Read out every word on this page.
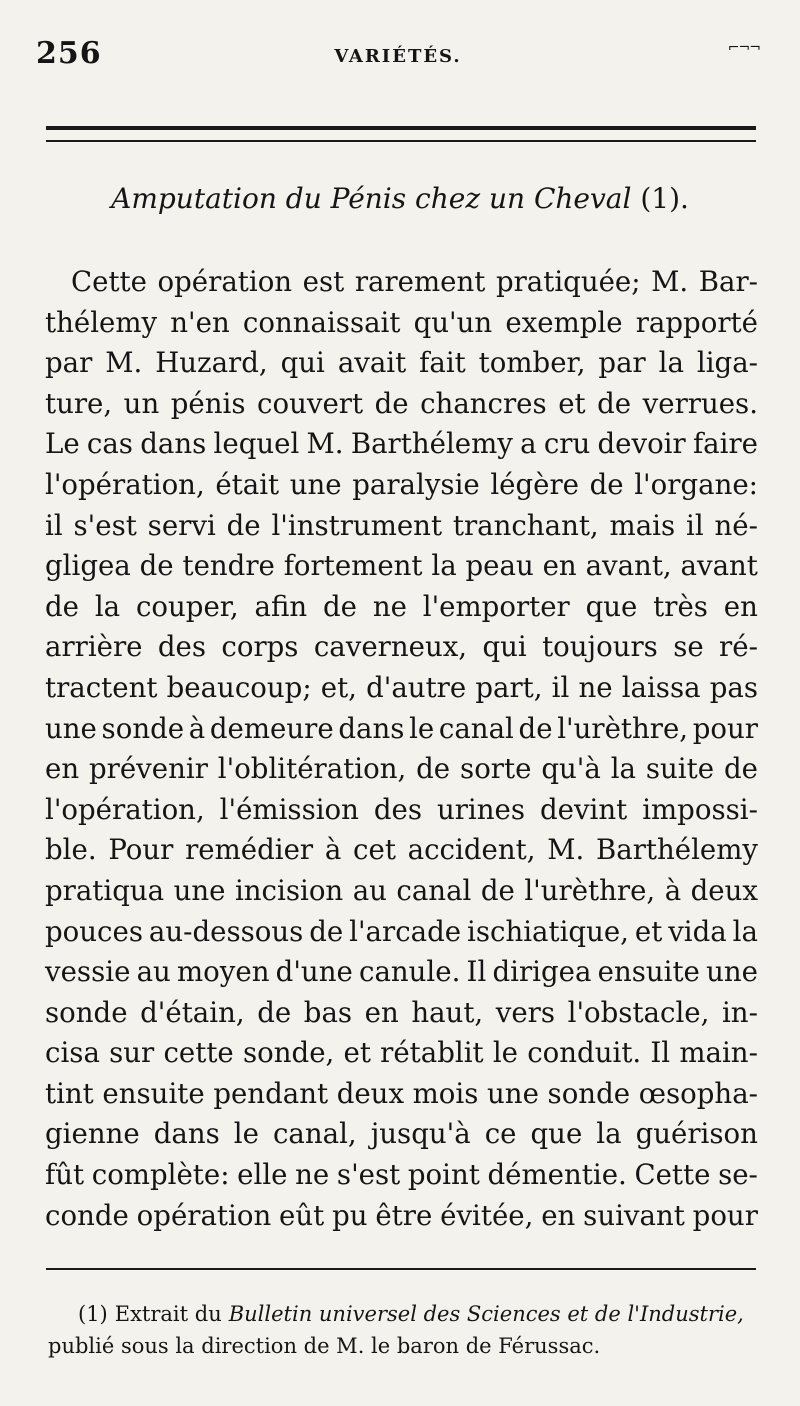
256	VARIÉTÉS.	⌐¬¬
Amputation du Pénis chez un Cheval (1).
Cette opération est rarement pratiquée; M. Bar-
thélemy n'en connaissait qu'un exemple rapporté
par M. Huzard, qui avait fait tomber, par la liga-
ture, un pénis couvert de chancres et de verrues.
Le cas dans lequel M. Barthélemy a cru devoir faire
l'opération, était une paralysie légère de l'organe:
il s'est servi de l'instrument tranchant, mais il né-
gligea de tendre fortement la peau en avant, avant
de la couper, afin de ne l'emporter que très en
arrière des corps caverneux, qui toujours se ré-
tractent beaucoup; et, d'autre part, il ne laissa pas
une sonde à demeure dans le canal de l'urèthre, pour
en prévenir l'oblitération, de sorte qu'à la suite de
l'opération, l'émission des urines devint impossi-
ble. Pour remédier à cet accident, M. Barthélemy
pratiqua une incision au canal de l'urèthre, à deux
pouces au-dessous de l'arcade ischiatique, et vida la
vessie au moyen d'une canule. Il dirigea ensuite une
sonde d'étain, de bas en haut, vers l'obstacle, in-
cisa sur cette sonde, et rétablit le conduit. Il main-
tint ensuite pendant deux mois une sonde œsopha-
gienne dans le canal, jusqu'à ce que la guérison
fût complète: elle ne s'est point démentie. Cette se-
conde opération eût pu être évitée, en suivant pour
(1) Extrait du Bulletin universel des Sciences et de l'Industrie,
publié sous la direction de M. le baron de Férussac.
